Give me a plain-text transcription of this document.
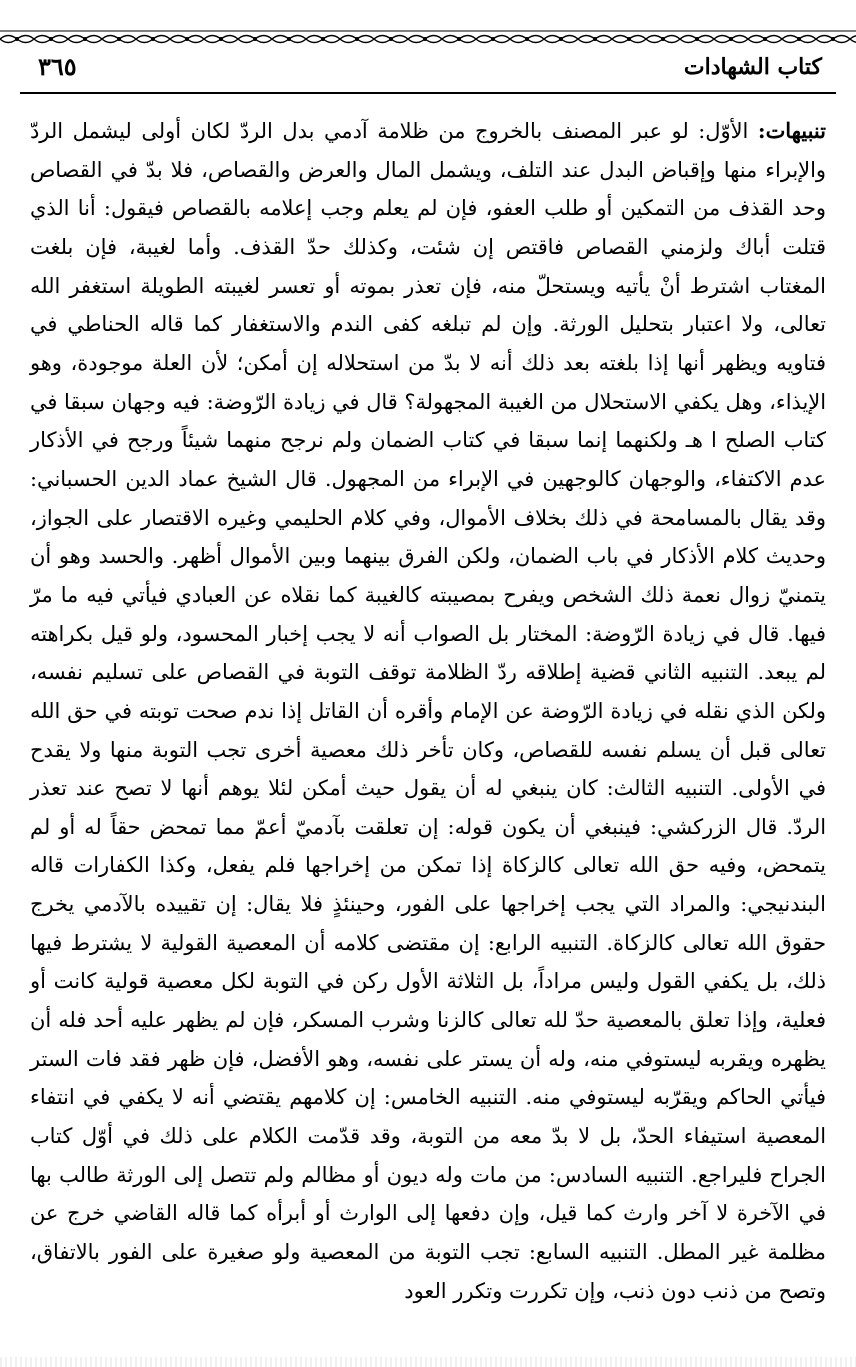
كتاب الشهادات
٣٦٥

تنبيهات: الأوّل: لو عبر المصنف بالخروج من ظلامة آدمي بدل الردّ لكان أولى ليشمل الردّ والإبراء منها وإقباض البدل عند التلف، ويشمل المال والعرض والقصاص، فلا بدّ في القصاص وحد القذف من التمكين أو طلب العفو، فإن لم يعلم وجب إعلامه بالقصاص فيقول: أنا الذي قتلت أباك ولزمني القصاص فاقتص إن شئت، وكذلك حدّ القذف. وأما لغيبة، فإن بلغت المغتاب اشترط أنْ يأتيه ويستحلّ منه، فإن تعذر بموته أو تعسر لغيبته الطويلة استغفر الله تعالى، ولا اعتبار بتحليل الورثة. وإن لم تبلغه كفى الندم والاستغفار كما قاله الحناطي في فتاويه ويظهر أنها إذا بلغته بعد ذلك أنه لا بدّ من استحلاله إن أمكن؛ لأن العلة موجودة، وهو الإيذاء، وهل يكفي الاستحلال من الغيبة المجهولة؟ قال في زيادة الرّوضة: فيه وجهان سبقا في كتاب الصلح ا هـ ولكنهما إنما سبقا في كتاب الضمان ولم نرجح منهما شيئاً ورجح في الأذكار عدم الاكتفاء، والوجهان كالوجهين في الإبراء من المجهول. قال الشيخ عماد الدين الحسباني: وقد يقال بالمسامحة في ذلك بخلاف الأموال، وفي كلام الحليمي وغيره الاقتصار على الجواز، وحديث كلام الأذكار في باب الضمان، ولكن الفرق بينهما وبين الأموال أظهر. والحسد وهو أن يتمنيّ زوال نعمة ذلك الشخص ويفرح بمصيبته كالغيبة كما نقلاه عن العبادي فيأتي فيه ما مرّ فيها. قال في زيادة الرّوضة: المختار بل الصواب أنه لا يجب إخبار المحسود، ولو قيل بكراهته لم يبعد. التنبيه الثاني قضية إطلاقه ردّ الظلامة توقف التوبة في القصاص على تسليم نفسه، ولكن الذي نقله في زيادة الرّوضة عن الإمام وأقره أن القاتل إذا ندم صحت توبته في حق الله تعالى قبل أن يسلم نفسه للقصاص، وكان تأخر ذلك معصية أخرى تجب التوبة منها ولا يقدح في الأولى. التنبيه الثالث: كان ينبغي له أن يقول حيث أمكن لئلا يوهم أنها لا تصح عند تعذر الردّ. قال الزركشي: فينبغي أن يكون قوله: إن تعلقت بآدميّ أعمّ مما تمحض حقاً له أو لم يتمحض، وفيه حق الله تعالى كالزكاة إذا تمكن من إخراجها فلم يفعل، وكذا الكفارات قاله البندنيجي: والمراد التي يجب إخراجها على الفور، وحينئذٍ فلا يقال: إن تقييده بالآدمي يخرج حقوق الله تعالى كالزكاة. التنبيه الرابع: إن مقتضى كلامه أن المعصية القولية لا يشترط فيها ذلك، بل يكفي القول وليس مراداً، بل الثلاثة الأول ركن في التوبة لكل معصية قولية كانت أو فعلية، وإذا تعلق بالمعصية حدّ لله تعالى كالزنا وشرب المسكر، فإن لم يظهر عليه أحد فله أن يظهره ويقربه ليستوفي منه، وله أن يستر على نفسه، وهو الأفضل، فإن ظهر فقد فات الستر فيأتي الحاكم ويقرّبه ليستوفي منه. التنبيه الخامس: إن كلامهم يقتضي أنه لا يكفي في انتفاء المعصية استيفاء الحدّ، بل لا بدّ معه من التوبة، وقد قدّمت الكلام على ذلك في أوّل كتاب الجراح فليراجع. التنبيه السادس: من مات وله ديون أو مظالم ولم تتصل إلى الورثة طالب بها في الآخرة لا آخر وارث كما قيل، وإن دفعها إلى الوارث أو أبرأه كما قاله القاضي خرج عن مظلمة غير المطل. التنبيه السابع: تجب التوبة من المعصية ولو صغيرة على الفور بالاتفاق، وتصح من ذنب دون ذنب، وإن تكررت وتكرر العود
